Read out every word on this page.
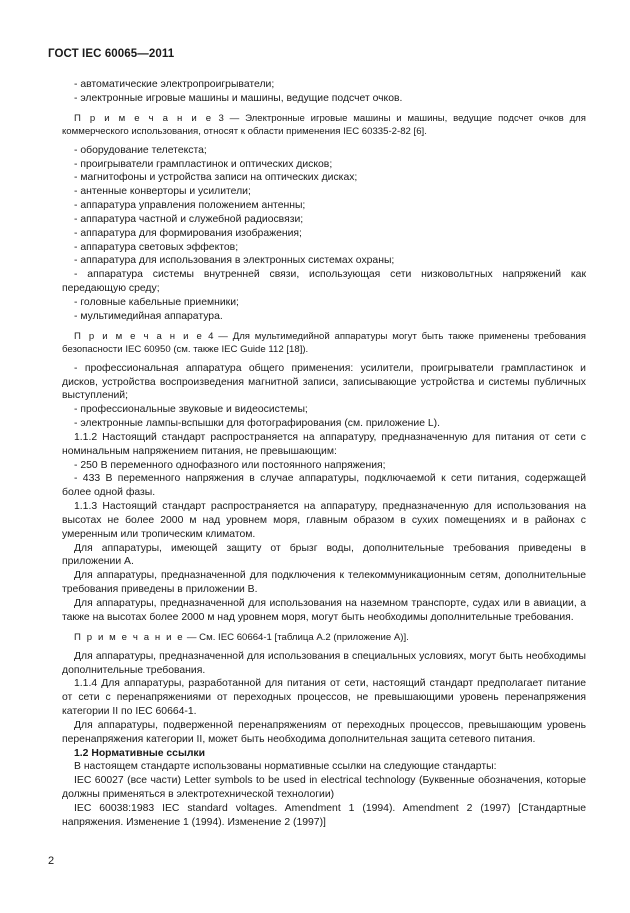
ГОСТ IEC 60065—2011

- автоматические электропроигрыватели;

- электронные игровые машины и машины, ведущие подсчет очков.

П р и м е ч а н и е 3 — Электронные игровые машины и машины, ведущие подсчет очков для коммерческого использования, относят к области применения IEC 60335-2-82 [6].

- оборудование телетекста;

- проигрыватели грампластинок и оптических дисков;

- магнитофоны и устройства записи на оптических дисках;

- антенные конверторы и усилители;

- аппаратура управления положением антенны;

- аппаратура частной и служебной радиосвязи;

- аппаратура для формирования изображения;

- аппаратура световых эффектов;

- аппаратура для использования в электронных системах охраны;

- аппаратура системы внутренней связи, использующая сети низковольтных напряжений как передающую среду;

- головные кабельные приемники;

- мультимедийная аппаратура.

П р и м е ч а н и е 4 — Для мультимедийной аппаратуры могут быть также применены требования безопасности IEC 60950 (см. также IEC Guide 112 [18]).

- профессиональная аппаратура общего применения: усилители, проигрыватели грампластинок и дисков, устройства воспроизведения магнитной записи, записывающие устройства и системы публичных выступлений;

- профессиональные звуковые и видеосистемы;

- электронные лампы-вспышки для фотографирования (см. приложение L).

1.1.2 Настоящий стандарт распространяется на аппаратуру, предназначенную для питания от сети с номинальным напряжением питания, не превышающим:

- 250 В переменного однофазного или постоянного напряжения;

- 433 В переменного напряжения в случае аппаратуры, подключаемой к сети питания, содержащей более одной фазы.

1.1.3 Настоящий стандарт распространяется на аппаратуру, предназначенную для использования на высотах не более 2000 м над уровнем моря, главным образом в сухих помещениях и в районах с умеренным или тропическим климатом.

Для аппаратуры, имеющей защиту от брызг воды, дополнительные требования приведены в приложении А.

Для аппаратуры, предназначенной для подключения к телекоммуникационным сетям, дополнительные требования приведены в приложении В.

Для аппаратуры, предназначенной для использования на наземном транспорте, судах или в авиации, а также на высотах более 2000 м над уровнем моря, могут быть необходимы дополнительные требования.

П р и м е ч а н и е — См. IEC 60664-1 [таблица А.2 (приложение А)].

Для аппаратуры, предназначенной для использования в специальных условиях, могут быть необходимы дополнительные требования.

1.1.4 Для аппаратуры, разработанной для питания от сети, настоящий стандарт предполагает питание от сети с перенапряжениями от переходных процессов, не превышающими уровень перенапряжения категории II по IEC 60664-1.

Для аппаратуры, подверженной перенапряжениям от переходных процессов, превышающим уровень перенапряжения категории II, может быть необходима дополнительная защита сетевого питания.

1.2 Нормативные ссылки

В настоящем стандарте использованы нормативные ссылки на следующие стандарты:

IEC 60027 (все части) Letter symbols to be used in electrical technology (Буквенные обозначения, которые должны применяться в электротехнической технологии)

IEC 60038:1983 IEC standard voltages. Amendment 1 (1994). Amendment 2 (1997) [Стандартные напряжения. Изменение 1 (1994). Изменение 2 (1997)]

2
